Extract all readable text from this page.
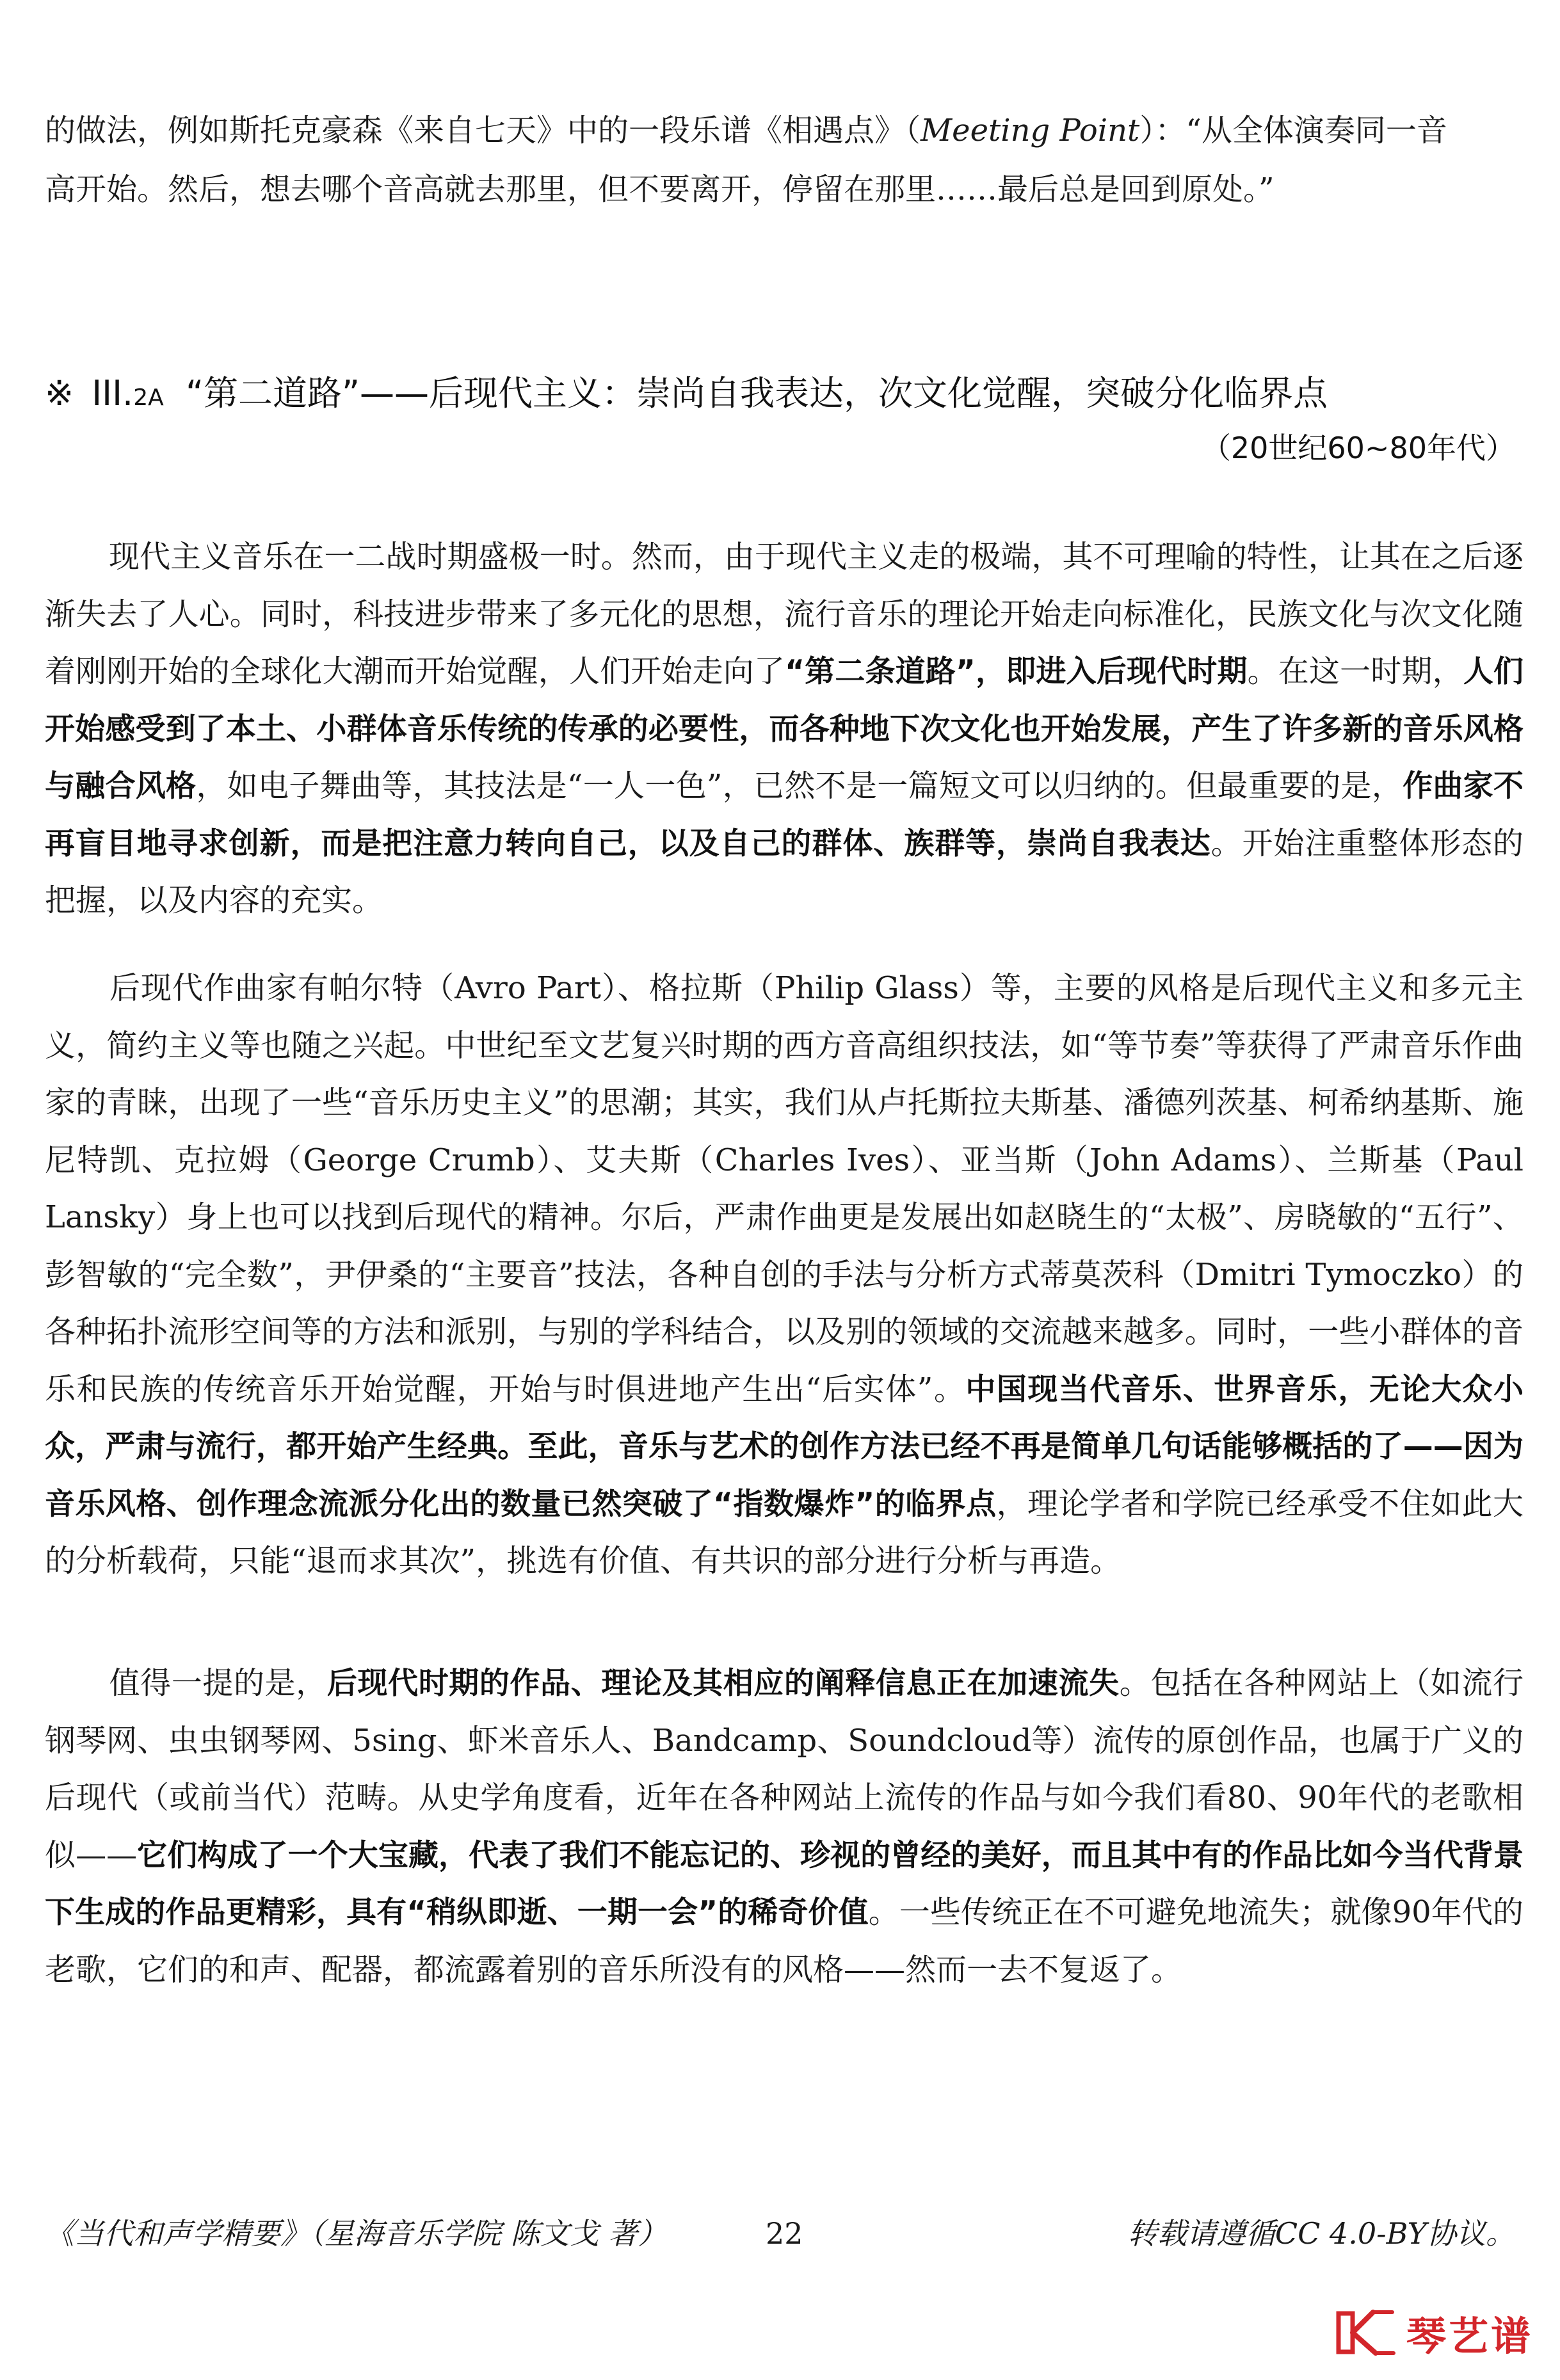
的做法，例如斯托克豪森《来自七天》中的一段乐谱《相遇点》（Meeting Point）：“从全体演奏同一音
高开始。然后，想去哪个音高就去那里，但不要离开，停留在那里……最后总是回到原处。”
※ III.2A “第二道路”——后现代主义：崇尚自我表达，次文化觉醒，突破分化临界点
（20世纪60~80年代）
现代主义音乐在一二战时期盛极一时。然而，由于现代主义走的极端，其不可理喻的特性，让其在之后逐渐失去了人心。同时，科技进步带来了多元化的思想，流行音乐的理论开始走向标准化，民族文化与次文化随着刚刚开始的全球化大潮而开始觉醒，人们开始走向了“第二条道路”，即进入后现代时期。在这一时期，人们开始感受到了本土、小群体音乐传统的传承的必要性，而各种地下次文化也开始发展，产生了许多新的音乐风格与融合风格，如电子舞曲等，其技法是“一人一色”，已然不是一篇短文可以归纳的。但最重要的是，作曲家不再盲目地寻求创新，而是把注意力转向自己，以及自己的群体、族群等，崇尚自我表达。开始注重整体形态的把握，以及内容的充实。
后现代作曲家有帕尔特（Avro Part）、格拉斯（Philip Glass）等，主要的风格是后现代主义和多元主义，简约主义等也随之兴起。中世纪至文艺复兴时期的西方音高组织技法，如“等节奏”等获得了严肃音乐作曲家的青睐，出现了一些“音乐历史主义”的思潮；其实，我们从卢托斯拉夫斯基、潘德列茨基、柯希纳基斯、施尼特凯、克拉姆（George Crumb）、艾夫斯（Charles Ives）、亚当斯（John Adams）、兰斯基（Paul Lansky）身上也可以找到后现代的精神。尔后，严肃作曲更是发展出如赵晓生的“太极”、房晓敏的“五行”、彭智敏的“完全数”，尹伊桑的“主要音”技法，各种自创的手法与分析方式蒂莫茨科（Dmitri Tymoczko）的各种拓扑流形空间等的方法和派别，与别的学科结合，以及别的领域的交流越来越多。同时，一些小群体的音乐和民族的传统音乐开始觉醒，开始与时俱进地产生出“后实体”。中国现当代音乐、世界音乐，无论大众小众，严肃与流行，都开始产生经典。至此，音乐与艺术的创作方法已经不再是简单几句话能够概括的了——因为音乐风格、创作理念流派分化出的数量已然突破了“指数爆炸”的临界点，理论学者和学院已经承受不住如此大的分析载荷，只能“退而求其次”，挑选有价值、有共识的部分进行分析与再造。
值得一提的是，后现代时期的作品、理论及其相应的阐释信息正在加速流失。包括在各种网站上（如流行钢琴网、虫虫钢琴网、5sing、虾米音乐人、Bandcamp、Soundcloud等）流传的原创作品，也属于广义的后现代（或前当代）范畴。从史学角度看，近年在各种网站上流传的作品与如今我们看80、90年代的老歌相似——它们构成了一个大宝藏，代表了我们不能忘记的、珍视的曾经的美好，而且其中有的作品比如今当代背景下生成的作品更精彩，具有“稍纵即逝、一期一会”的稀奇价值。一些传统正在不可避免地流失；就像90年代的老歌，它们的和声、配器，都流露着别的音乐所没有的风格——然而一去不复返了。
《当代和声学精要》（星海音乐学院 陈文戈 著）	22	转载请遵循CC 4.0-BY协议。
琴艺谱
